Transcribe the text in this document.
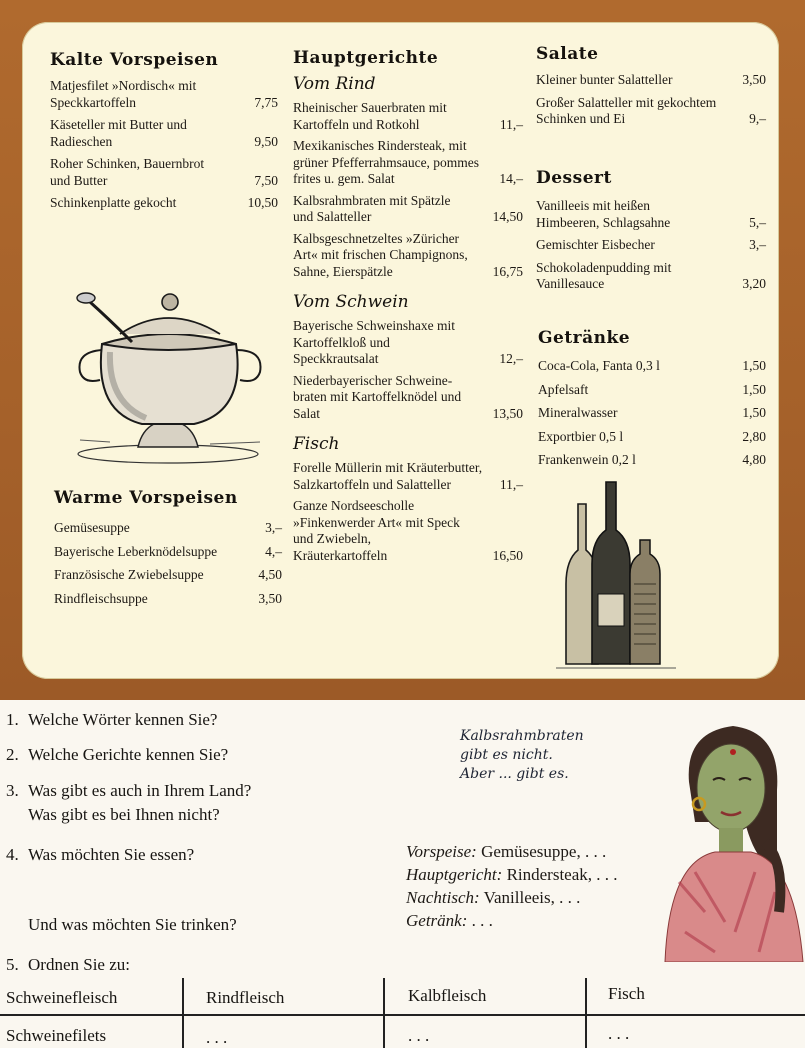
Kalte Vorspeisen
Matjesfilet »Nordisch« mit Speckkartoffeln	7,75
Käseteller mit Butter und Radieschen	9,50
Roher Schinken, Bauernbrot und Butter	7,50
Schinkenplatte gekocht	10,50
Warme Vorspeisen
Gemüsesuppe	3,–
Bayerische Leberknödelsuppe	4,–
Französische Zwiebelsuppe	4,50
Rindfleischsuppe	3,50
Hauptgerichte
Vom Rind
Rheinischer Sauerbraten mit Kartoffeln und Rotkohl	11,–
Mexikanisches Rindersteak, mit grüner Pfefferrahmsauce, pommes frites u. gem. Salat	14,–
Kalbsrahmbraten mit Spätzle und Salatteller	14,50
Kalbsgeschnetzeltes »Züricher Art« mit frischen Champignons, Sahne, Eierspätzle	16,75
Vom Schwein
Bayerische Schweinshaxe mit Kartoffelkloß und Speckkrautsalat	12,–
Niederbayerischer Schweine-braten mit Kartoffelknödel und Salat	13,50
Fisch
Forelle Müllerin mit Kräuterbutter, Salzkartoffeln und Salatteller	11,–
Ganze Nordseescholle »Finkenwerder Art« mit Speck und Zwiebeln, Kräuterkartoffeln	16,50
Salate
Kleiner bunter Salatteller	3,50
Großer Salatteller mit gekochtem Schinken und Ei	9,–
Dessert
Vanilleeis mit heißen Himbeeren, Schlagsahne	5,–
Gemischter Eisbecher	3,–
Schokoladenpudding mit Vanillesauce	3,20
Getränke
Coca-Cola, Fanta 0,3 l	1,50
Apfelsaft	1,50
Mineralwasser	1,50
Exportbier 0,5 l	2,80
Frankenwein 0,2 l	4,80
1. Welche Wörter kennen Sie?
2. Welche Gerichte kennen Sie?
3. Was gibt es auch in Ihrem Land?
Was gibt es bei Ihnen nicht?
4. Was möchten Sie essen?
Und was möchten Sie trinken?
5. Ordnen Sie zu:
Kalbsrahmbraten
gibt es nicht.
Aber ... gibt es.
Vorspeise: Gemüsesuppe, . . .
Hauptgericht: Rindersteak, . . .
Nachtisch: Vanilleeis, . . .
Getränk: . . .
Schweinefleisch	Rindfleisch	Kalbfleisch	Fisch
Schweinefilets	. . .	. . .	. . .
